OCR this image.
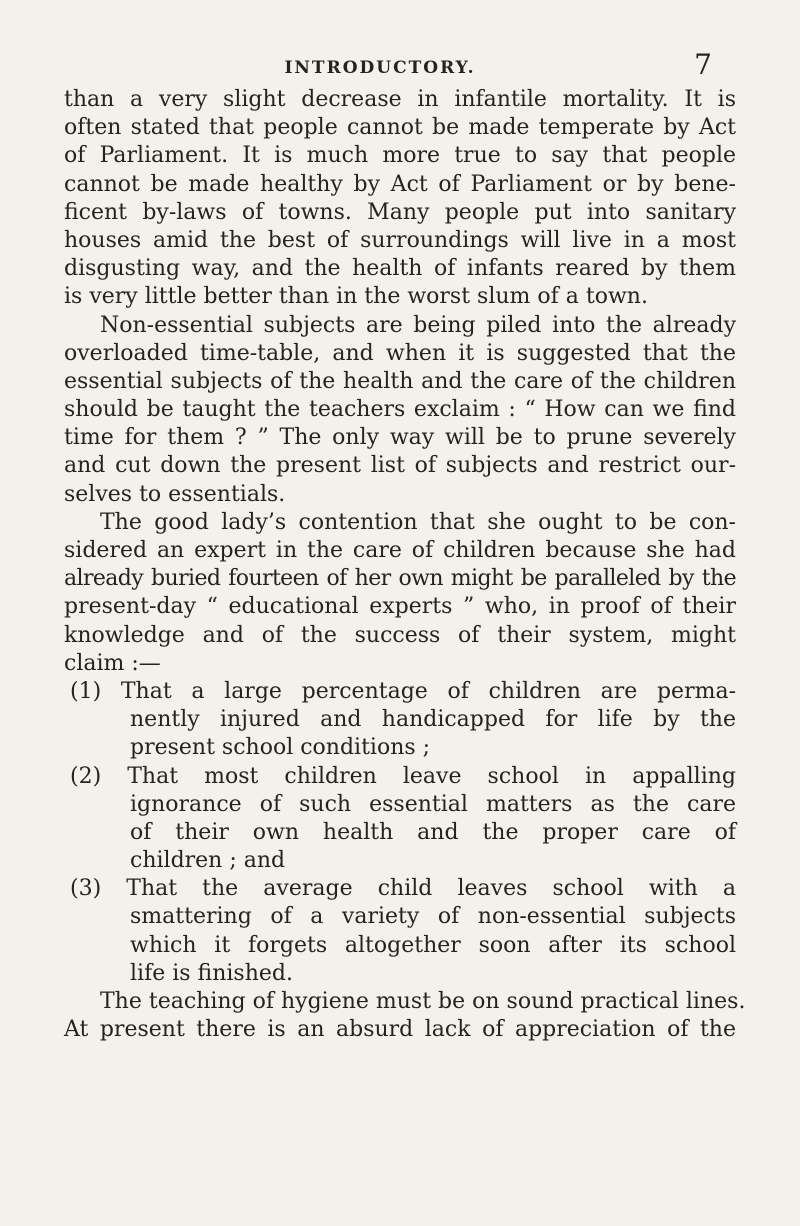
INTRODUCTORY.	7
than a very slight decrease in infantile mortality. It is
often stated that people cannot be made temperate by Act
of Parliament. It is much more true to say that people
cannot be made healthy by Act of Parliament or by bene-
ficent by-laws of towns. Many people put into sanitary
houses amid the best of surroundings will live in a most
disgusting way, and the health of infants reared by them
is very little better than in the worst slum of a town.
Non-essential subjects are being piled into the already
overloaded time-table, and when it is suggested that the
essential subjects of the health and the care of the children
should be taught the teachers exclaim : “ How can we find
time for them ? ” The only way will be to prune severely
and cut down the present list of subjects and restrict our-
selves to essentials.
The good lady’s contention that she ought to be con-
sidered an expert in the care of children because she had
already buried fourteen of her own might be paralleled by the
present-day “ educational experts ” who, in proof of their
knowledge and of the success of their system, might
claim :—
(1) That a large percentage of children are perma-
nently injured and handicapped for life by the
present school conditions ;
(2) That most children leave school in appalling
ignorance of such essential matters as the care
of their own health and the proper care of
children ; and
(3) That the average child leaves school with a
smattering of a variety of non-essential subjects
which it forgets altogether soon after its school
life is finished.
The teaching of hygiene must be on sound practical lines.
At present there is an absurd lack of appreciation of the
